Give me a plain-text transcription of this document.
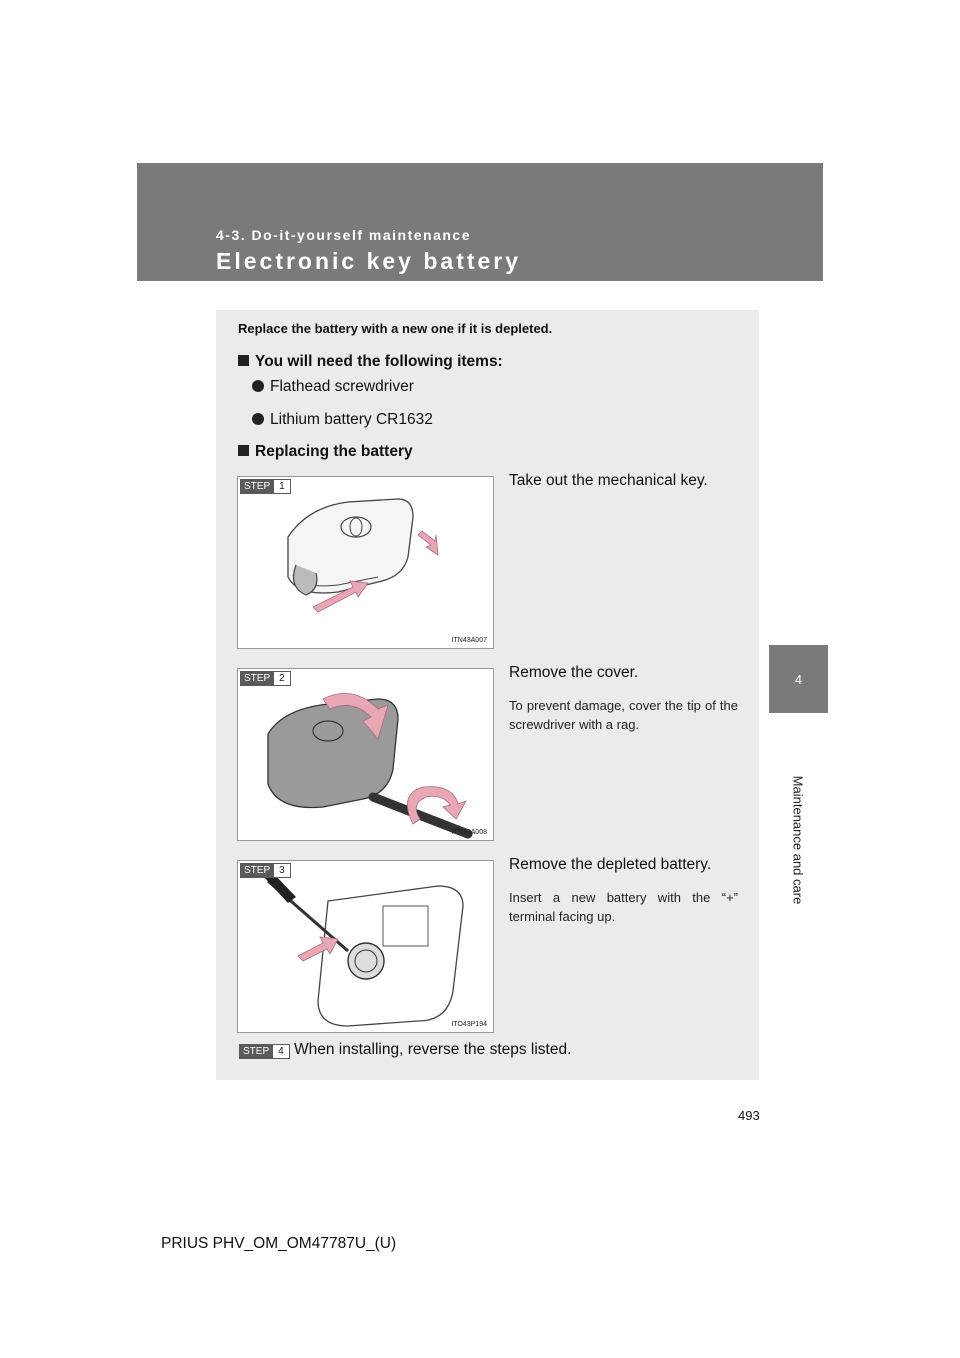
4-3. Do-it-yourself maintenance
Electronic key battery
4
Maintenance and care
Replace the battery with a new one if it is depleted.
You will need the following items:
Flathead screwdriver
Lithium battery CR1632
Replacing the battery
STEP 1
ITN43A007
Take out the mechanical key.
STEP 2
ITN43A008
Remove the cover.
To prevent damage, cover the tip of the screwdriver with a rag.
STEP 3
ITO43P194
Remove the depleted battery.
Insert a new battery with the “+” terminal facing up.
STEP 4 When installing, reverse the steps listed.
493
PRIUS PHV_OM_OM47787U_(U)
